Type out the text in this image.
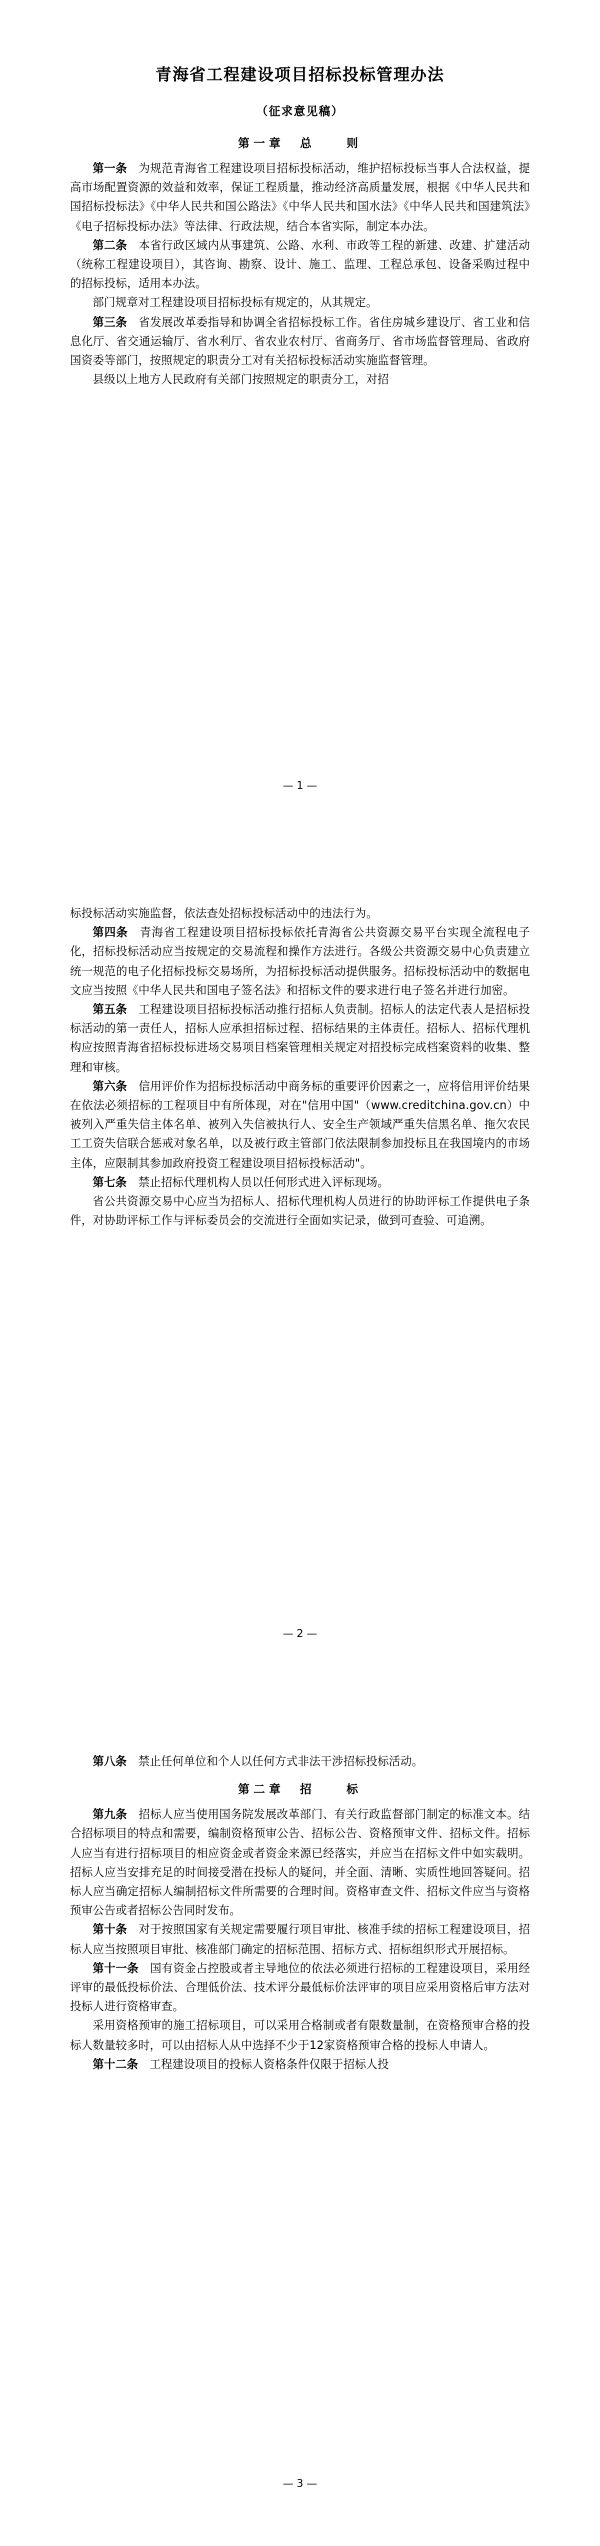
青海省工程建设项目招标投标管理办法
（征求意见稿）
第一章　总　　则

第一条　为规范青海省工程建设项目招标投标活动，维护招标投标当事人合法权益，提高市场配置资源的效益和效率，保证工程质量，推动经济高质量发展，根据《中华人民共和国招标投标法》《中华人民共和国公路法》《中华人民共和国水法》《中华人民共和国建筑法》《电子招标投标办法》等法律、行政法规，结合本省实际，制定本办法。

第二条　本省行政区域内从事建筑、公路、水利、市政等工程的新建、改建、扩建活动（统称工程建设项目），其咨询、勘察、设计、施工、监理、工程总承包、设备采购过程中的招标投标，适用本办法。

部门规章对工程建设项目招标投标有规定的，从其规定。

第三条　省发展改革委指导和协调全省招标投标工作。省住房城乡建设厅、省工业和信息化厅、省交通运输厅、省水利厅、省农业农村厅、省商务厅、省市场监督管理局、省政府国资委等部门，按照规定的职责分工对有关招标投标活动实施监督管理。

县级以上地方人民政府有关部门按照规定的职责分工，对招

— 1 —

标投标活动实施监督，依法查处招标投标活动中的违法行为。

第四条　青海省工程建设项目招标投标依托青海省公共资源交易平台实现全流程电子化，招标投标活动应当按规定的交易流程和操作方法进行。各级公共资源交易中心负责建立统一规范的电子化招标投标交易场所，为招标投标活动提供服务。招标投标活动中的数据电文应当按照《中华人民共和国电子签名法》和招标文件的要求进行电子签名并进行加密。

第五条　工程建设项目招标投标活动推行招标人负责制。招标人的法定代表人是招标投标活动的第一责任人，招标人应承担招标过程、招标结果的主体责任。招标人、招标代理机构应按照青海省招标投标进场交易项目档案管理相关规定对招投标完成档案资料的收集、整理和审核。

第六条　信用评价作为招标投标活动中商务标的重要评价因素之一，应将信用评价结果在依法必须招标的工程项目中有所体现，对在"信用中国"（www.creditchina.gov.cn）中被列入严重失信主体名单、被列入失信被执行人、安全生产领域严重失信黑名单、拖欠农民工工资失信联合惩戒对象名单，以及被行政主管部门依法限制参加投标且在我国境内的市场主体，应限制其参加政府投资工程建设项目招标投标活动"。

第七条　禁止招标代理机构人员以任何形式进入评标现场。

省公共资源交易中心应当为招标人、招标代理机构人员进行的协助评标工作提供电子条件，对协助评标工作与评标委员会的交流进行全面如实记录，做到可查验、可追溯。

— 2 —

第八条　禁止任何单位和个人以任何方式非法干涉招标投标活动。

第二章　招　　标

第九条　招标人应当使用国务院发展改革部门、有关行政监督部门制定的标准文本。结合招标项目的特点和需要，编制资格预审公告、招标公告、资格预审文件、招标文件。招标人应当有进行招标项目的相应资金或者资金来源已经落实，并应当在招标文件中如实载明。招标人应当安排充足的时间接受潜在投标人的疑问，并全面、清晰、实质性地回答疑问。招标人应当确定招标人编制招标文件所需要的合理时间。资格审查文件、招标文件应当与资格预审公告或者招标公告同时发布。

第十条　对于按照国家有关规定需要履行项目审批、核准手续的招标工程建设项目，招标人应当按照项目审批、核准部门确定的招标范围、招标方式、招标组织形式开展招标。

第十一条　国有资金占控股或者主导地位的依法必须进行招标的工程建设项目，采用经评审的最低投标价法、合理低价法、技术评分最低标价法评审的项目应采用资格后审方法对投标人进行资格审查。

采用资格预审的施工招标项目，可以采用合格制或者有限数量制，在资格预审合格的投标人数量较多时，可以由招标人从中选择不少于12家资格预审合格的投标人申请人。

第十二条　工程建设项目的投标人资格条件仅限于招标人投

— 3 —
